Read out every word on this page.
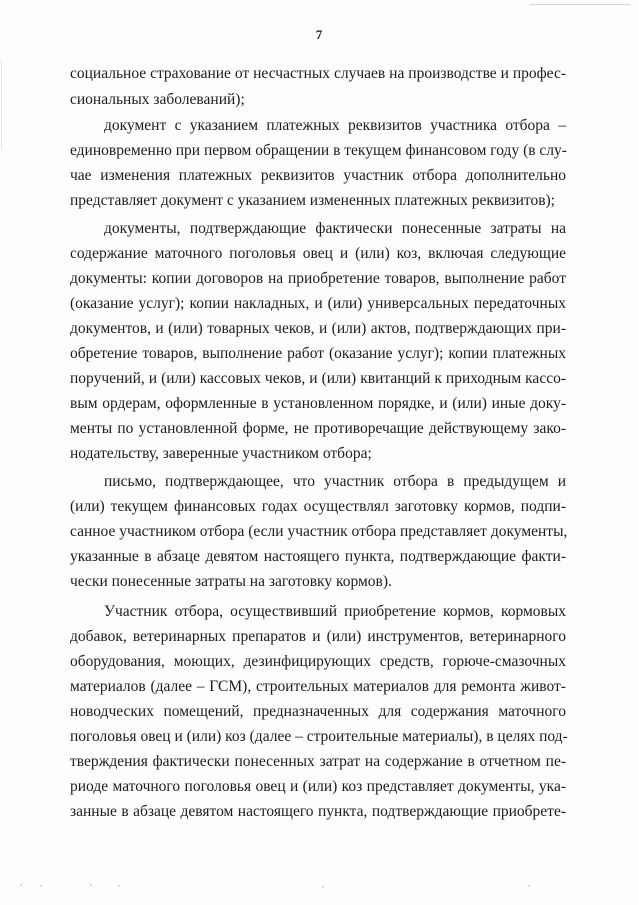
7
социальное страхование от несчастных случаев на производстве и профес-
сиональных заболеваний);
документ с указанием платежных реквизитов участника отбора –
единовременно при первом обращении в текущем финансовом году (в слу-
чае изменения платежных реквизитов участник отбора дополнительно
представляет документ с указанием измененных платежных реквизитов);
документы, подтверждающие фактически понесенные затраты на
содержание маточного поголовья овец и (или) коз, включая следующие
документы: копии договоров на приобретение товаров, выполнение работ
(оказание услуг); копии накладных, и (или) универсальных передаточных
документов, и (или) товарных чеков, и (или) актов, подтверждающих при-
обретение товаров, выполнение работ (оказание услуг); копии платежных
поручений, и (или) кассовых чеков, и (или) квитанций к приходным кассо-
вым ордерам, оформленные в установленном порядке, и (или) иные доку-
менты по установленной форме, не противоречащие действующему зако-
нодательству, заверенные участником отбора;
письмо, подтверждающее, что участник отбора в предыдущем и
(или) текущем финансовых годах осуществлял заготовку кормов, подпи-
санное участником отбора (если участник отбора представляет документы,
указанные в абзаце девятом настоящего пункта, подтверждающие факти-
чески понесенные затраты на заготовку кормов).
Участник отбора, осуществивший приобретение кормов, кормовых
добавок, ветеринарных препаратов и (или) инструментов, ветеринарного
оборудования, моющих, дезинфицирующих средств, горюче-смазочных
материалов (далее – ГСМ), строительных материалов для ремонта живот-
новодческих помещений, предназначенных для содержания маточного
поголовья овец и (или) коз (далее – строительные материалы), в целях под-
тверждения фактически понесенных затрат на содержание в отчетном пе-
риоде маточного поголовья овец и (или) коз представляет документы, ука-
занные в абзаце девятом настоящего пункта, подтверждающие приобрете-
